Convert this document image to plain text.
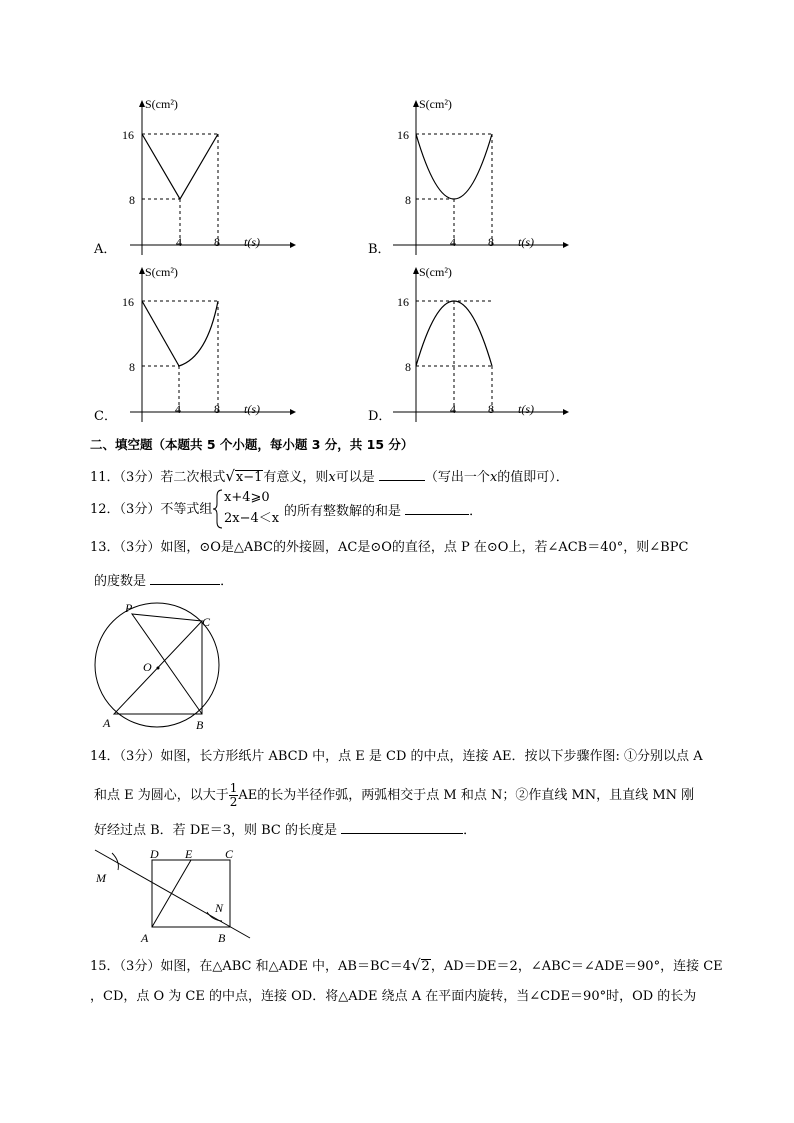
S(cm²)
16
8
4	8 t(s)
A．
S(cm²)
16
8
4	8 t(s)
B．
S(cm²)
16
8
4	8 t(s)
C．
S(cm²)
16
8
4	8 t(s)
D．
二、填空题（本题共 5 个小题，每小题 3 分，共 15 分）
11．（3分）若二次根式√x−1有意义，则x可以是	（写出一个x的值即可）．
12．（3分）不等式组
x+4⩾0
2x−4＜x 的所有整数解的和是	．
13．（3分）如图，⊙O是△ABC的外接圆，AC是⊙O的直径，点 P 在⊙O上，若∠ACB＝40°，则∠BPC
的度数是	．
P
C
O
A	B
14．（3分）如图，长方形纸片 ABCD 中，点 E 是 CD 的中点，连接 AE．按以下步骤作图: ①分别以点 A
和点 E 为圆心，以大于 $\frac{1}{2}$ AE的长为半径作弧，两弧相交于点 M 和点 N；②作直线 MN，且直线 MN 刚
好经过点 B．若 DE＝3，则 BC 的长度是	．
D E	C
M
N
A	B
15．（3分）如图，在△ABC 和△ADE 中，AB＝BC＝4√2，AD＝DE＝2，∠ABC＝∠ADE＝90°，连接 CE
，CD，点 O 为 CE 的中点，连接 OD．将△ADE 绕点 A 在平面内旋转，当∠CDE＝90°时，OD 的长为
